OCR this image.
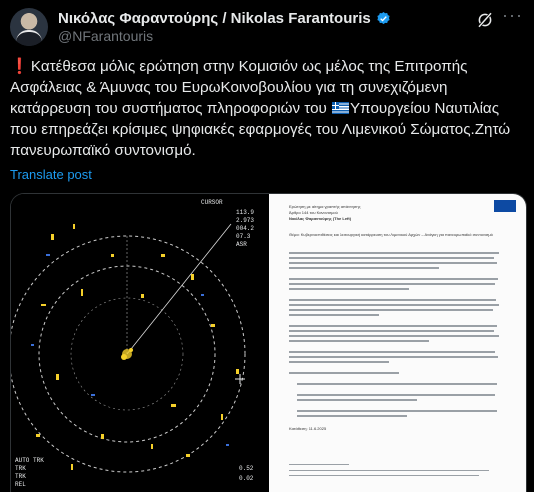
Νικόλας Φαραντούρης / Nikolas Farantouris
@NFarantouris
···
❗ Κατέθεσα μόλις ερώτηση στην Κομισιόν ως μέλος της Επιτροπής Ασφάλειας & Άμυνας του ΕυρωΚοινοβουλίου για τη συνεχιζόμενη κατάρρευση του συστήματος πληροφοριών του Υπουργείου Ναυτιλίας που επηρεάζει κρίσιμες ψηφιακές εφαρμογές του Λιμενικού Σώματος.Ζητώ πανευρωπαϊκό συντονισμό.
Translate post
CURSOR
113.9
2.973
004.2
07.3
ASR
AUTO TRK
TRK
TRK
REL
0.52
0.02
Ερώτηση με αίτημα γραπτής απάντησης
Άρθρο 144 του Κανονισμού
Νικόλας Φαραντούρης (The Left)
Θέμα: Κυβερνοεπιθέσεις και λειτουργική κατάρρευση του Λιμενικού Αρχών – Ανάγκη για πανευρωπαϊκό συντονισμό
Κατάθεση: 11.6.2025
